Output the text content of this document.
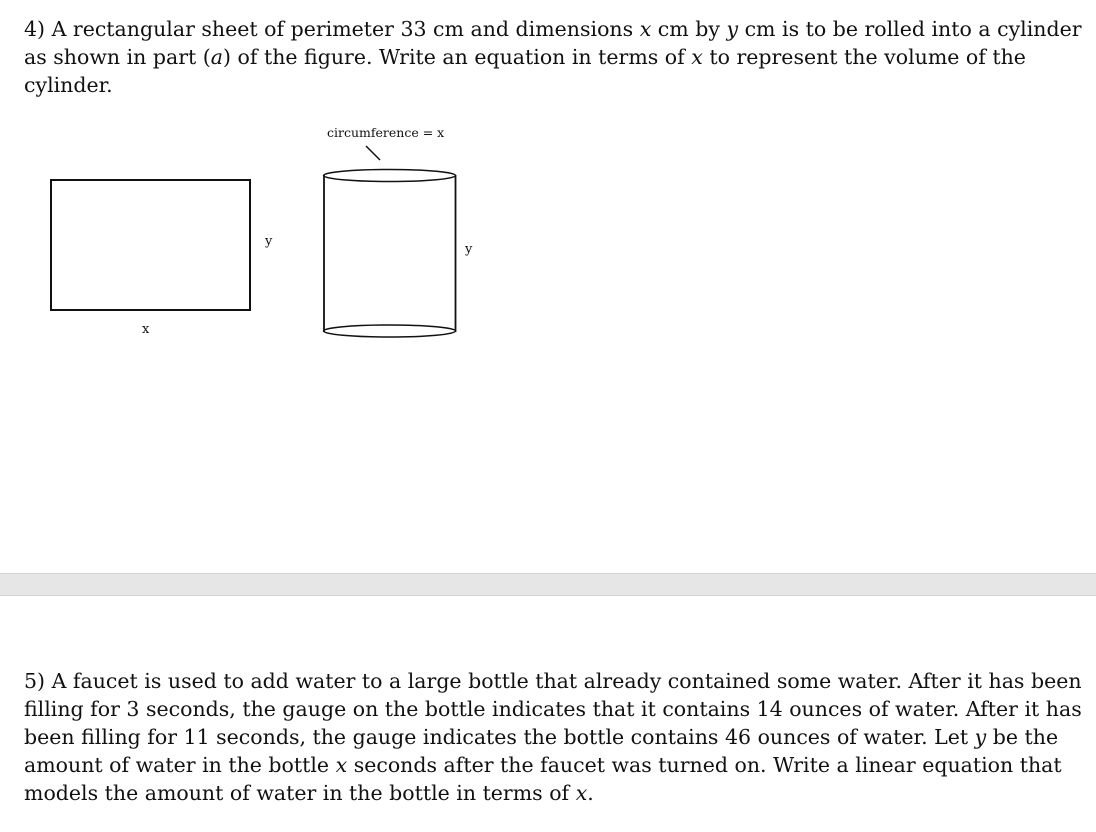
4) A rectangular sheet of perimeter 33 cm and dimensions x cm by y cm is to be rolled into a cylinder as shown in part (a) of the figure. Write an equation in terms of x to represent the volume of the cylinder.

x
y
circumference = x
y

5) A faucet is used to add water to a large bottle that already contained some water. After it has been filling for 3 seconds, the gauge on the bottle indicates that it contains 14 ounces of water. After it has been filling for 11 seconds, the gauge indicates the bottle contains 46 ounces of water. Let y be the amount of water in the bottle x seconds after the faucet was turned on. Write a linear equation that models the amount of water in the bottle in terms of x.
